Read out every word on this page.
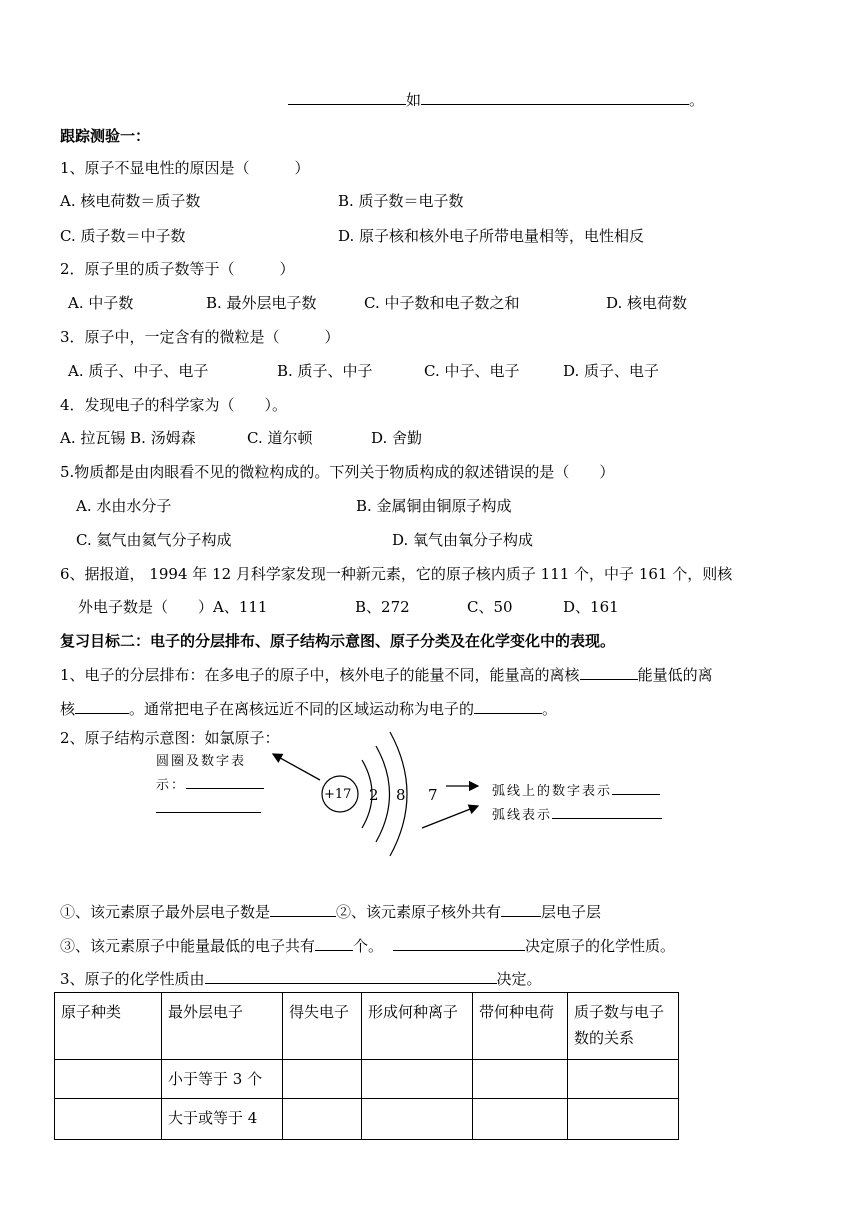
如	。
跟踪测验一：
1、原子不显电性的原因是（　　　）
A. 核电荷数＝质子数	B. 质子数＝电子数
C. 质子数＝中子数	D. 原子核和核外电子所带电量相等，电性相反
2．原子里的质子数等于（　　　）
A. 中子数	B. 最外层电子数	C. 中子数和电子数之和	D. 核电荷数
3．原子中，一定含有的微粒是（　　　）
A. 质子、中子、电子	B. 质子、中子	C. 中子、电子	D. 质子、电子
4．发现电子的科学家为（　　）。
A. 拉瓦锡 B. 汤姆森	C. 道尔顿	D. 舍勤
5.物质都是由肉眼看不见的微粒构成的。下列关于物质构成的叙述错误的是（　　）
A. 水由水分子	B. 金属铜由铜原子构成
C. 氦气由氦气分子构成	D. 氧气由氧分子构成
6、据报道， 1994 年 12 月科学家发现一种新元素，它的原子核内质子 111 个，中子 161 个，则核
外电子数是（　　）A、111	B、272	C、50	D、161
复习目标二：电子的分层排布、原子结构示意图、原子分类及在化学变化中的表现。
1、电子的分层排布：在多电子的原子中，核外电子的能量不同，能量高的离核	能量低的离
核	。通常把电子在离核远近不同的区域运动称为电子的	。
2、原子结构示意图：如氯原子：
圆圈及数字表
示：
+17 2 8 7	弧线上的数字表示
弧线表示
①、该元素原子最外层电子数是	②、该元素原子核外共有	层电子层
③、该元素原子中能量最低的电子共有	个。	决定原子的化学性质。
3、原子的化学性质由	决定。
原子种类	最外层电子	得失电子	形成何种离子	带何种电荷	质子数与电子数的关系
	小于等于 3 个				
	大于或等于 4				
